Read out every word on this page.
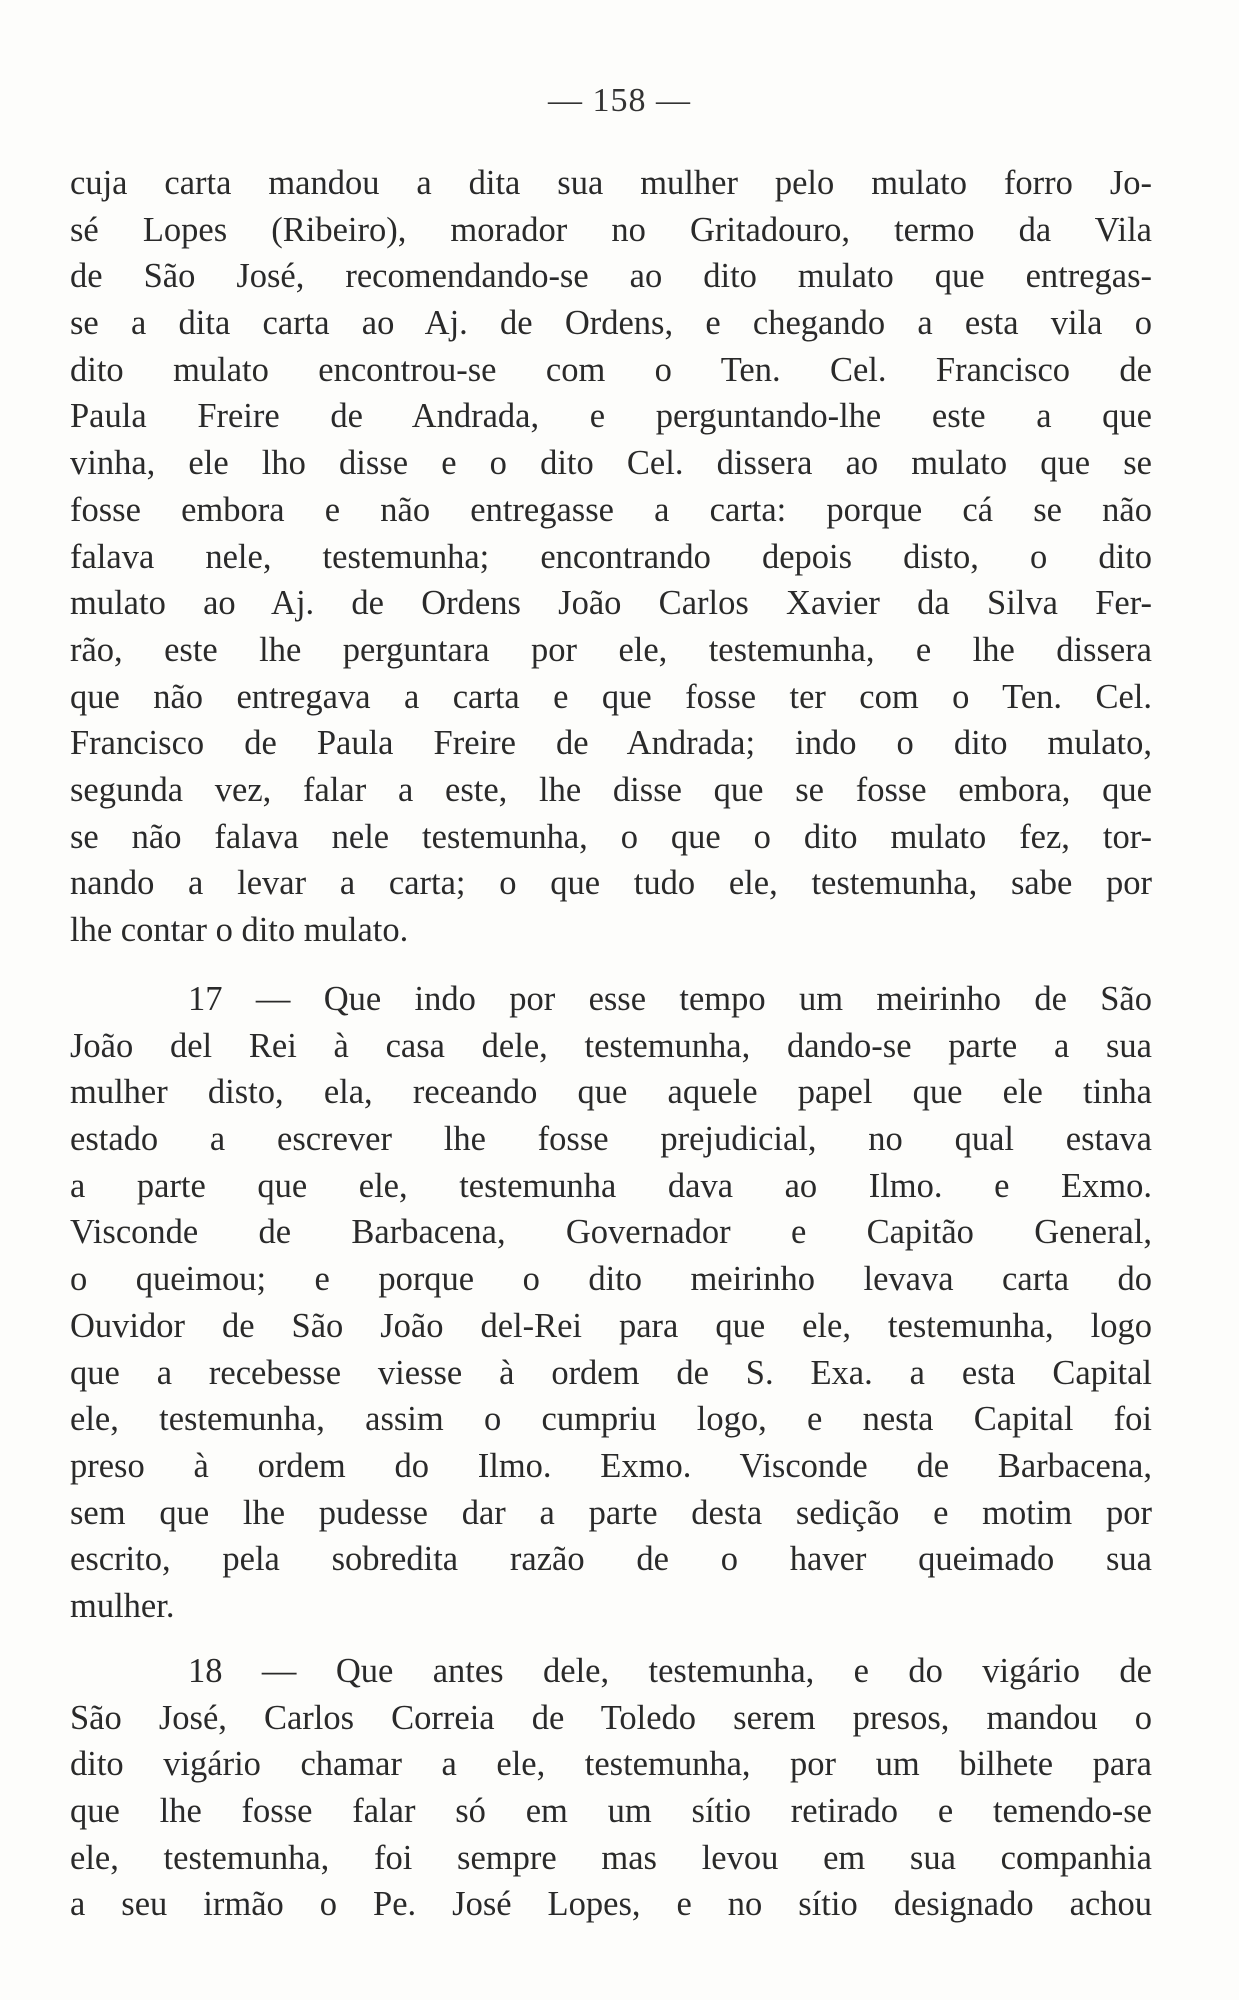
— 158 —
cuja carta mandou a dita sua mulher pelo mulato forro Jo-
sé Lopes (Ribeiro), morador no Gritadouro, termo da Vila
de São José, recomendando-se ao dito mulato que entregas-
se a dita carta ao Aj. de Ordens, e chegando a esta vila o
dito mulato encontrou-se com o Ten. Cel. Francisco de
Paula Freire de Andrada, e perguntando-lhe este a que
vinha, ele lho disse e o dito Cel. dissera ao mulato que se
fosse embora e não entregasse a carta: porque cá se não
falava nele, testemunha; encontrando depois disto, o dito
mulato ao Aj. de Ordens João Carlos Xavier da Silva Fer-
rão, este lhe perguntara por ele, testemunha, e lhe dissera
que não entregava a carta e que fosse ter com o Ten. Cel.
Francisco de Paula Freire de Andrada; indo o dito mulato,
segunda vez, falar a este, lhe disse que se fosse embora, que
se não falava nele testemunha, o que o dito mulato fez, tor-
nando a levar a carta; o que tudo ele, testemunha, sabe por
lhe contar o dito mulato.
17 — Que indo por esse tempo um meirinho de São
João del Rei à casa dele, testemunha, dando-se parte a sua
mulher disto, ela, receando que aquele papel que ele tinha
estado a escrever lhe fosse prejudicial, no qual estava
a parte que ele, testemunha dava ao Ilmo. e Exmo.
Visconde de Barbacena, Governador e Capitão General,
o queimou; e porque o dito meirinho levava carta do
Ouvidor de São João del-Rei para que ele, testemunha, logo
que a recebesse viesse à ordem de S. Exa. a esta Capital
ele, testemunha, assim o cumpriu logo, e nesta Capital foi
preso à ordem do Ilmo. Exmo. Visconde de Barbacena,
sem que lhe pudesse dar a parte desta sedição e motim por
escrito, pela sobredita razão de o haver queimado sua
mulher.
18 — Que antes dele, testemunha, e do vigário de
São José, Carlos Correia de Toledo serem presos, mandou o
dito vigário chamar a ele, testemunha, por um bilhete para
que lhe fosse falar só em um sítio retirado e temendo-se
ele, testemunha, foi sempre mas levou em sua companhia
a seu irmão o Pe. José Lopes, e no sítio designado achou
